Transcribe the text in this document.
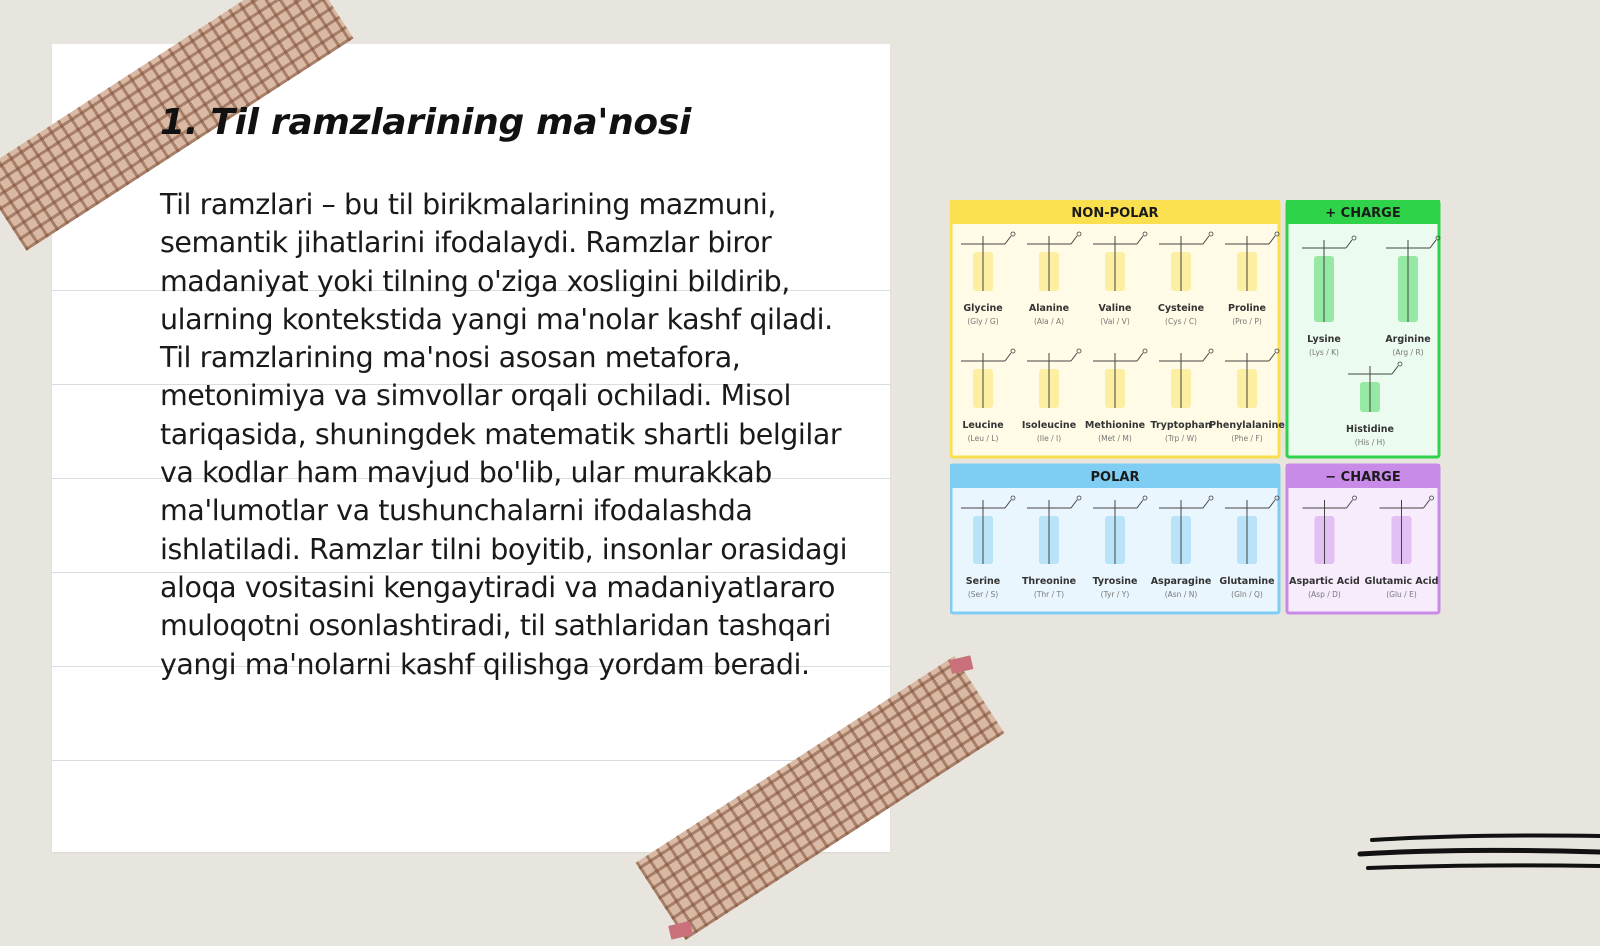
1. Til ramzlarining ma'nosi

Til ramzlari – bu til birikmalarining mazmuni, semantik jihatlarini ifodalaydi. Ramzlar biror madaniyat yoki tilning o'ziga xosligini bildirib, ularning kontekstida yangi ma'nolar kashf qiladi. Til ramzlarining ma'nosi asosan metafora, metonimiya va simvollar orqali ochiladi. Misol tariqasida, shuningdek matematik shartli belgilar va kodlar ham mavjud bo'lib, ular murakkab ma'lumotlar va tushunchalarni ifodalashda ishlatiladi. Ramzlar tilni boyitib, insonlar orasidagi aloqa vositasini kengaytiradi va madaniyatlararo muloqotni osonlashtiradi, til sathlaridan tashqari yangi ma'nolarni kashf qilishga yordam beradi.

NON-POLAR
Glycine
(Gly / G)
Alanine
(Ala / A)
Valine
(Val / V)
Cysteine
(Cys / C)
Proline
(Pro / P)
Leucine
(Leu / L)
Isoleucine
(Ile / I)
Methionine
(Met / M)
Tryptophan
(Trp / W)
Phenylalanine
(Phe / F)
+ CHARGE
Lysine
(Lys / K)
Arginine
(Arg / R)
Histidine
(His / H)
POLAR
Serine
(Ser / S)
Threonine
(Thr / T)
Tyrosine
(Tyr / Y)
Asparagine
(Asn / N)
Glutamine
(Gln / Q)
− CHARGE
Aspartic Acid
(Asp / D)
Glutamic Acid
(Glu / E)
